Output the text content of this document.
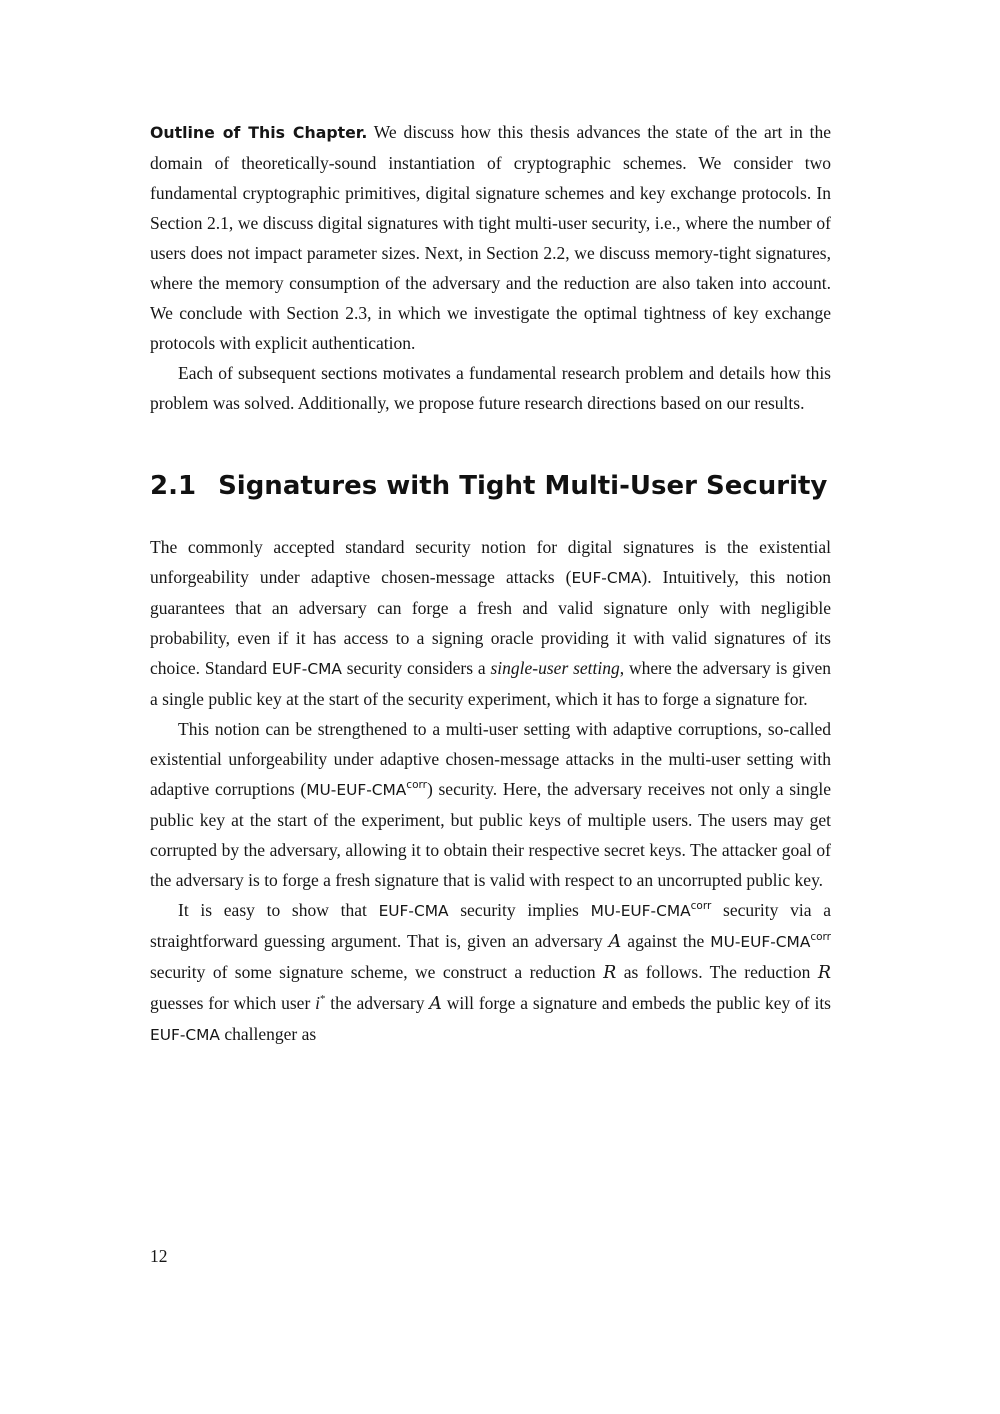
Outline of This Chapter. We discuss how this thesis advances the state of the art in the domain of theoretically-sound instantiation of cryptographic schemes. We consider two fundamental cryptographic primitives, digital signature schemes and key exchange protocols. In Section 2.1, we discuss digital signatures with tight multi-user security, i.e., where the number of users does not impact parameter sizes. Next, in Section 2.2, we discuss memory-tight signatures, where the memory consumption of the adversary and the reduction are also taken into account. We conclude with Section 2.3, in which we investigate the optimal tightness of key exchange protocols with explicit authentication.

Each of subsequent sections motivates a fundamental research problem and details how this problem was solved. Additionally, we propose future research directions based on our results.

2.1 Signatures with Tight Multi-User Security

The commonly accepted standard security notion for digital signatures is the existential unforgeability under adaptive chosen-message attacks (EUF-CMA). Intuitively, this notion guarantees that an adversary can forge a fresh and valid signature only with negligible probability, even if it has access to a signing oracle providing it with valid signatures of its choice. Standard EUF-CMA security considers a single-user setting, where the adversary is given a single public key at the start of the security experiment, which it has to forge a signature for.

This notion can be strengthened to a multi-user setting with adaptive corruptions, so-called existential unforgeability under adaptive chosen-message attacks in the multi-user setting with adaptive corruptions $(MU-EUF-CMA^{corr})$ security. Here, the adversary receives not only a single public key at the start of the experiment, but public keys of multiple users. The users may get corrupted by the adversary, allowing it to obtain their respective secret keys. The attacker goal of the adversary is to forge a fresh signature that is valid with respect to an uncorrupted public key.

It is easy to show that EUF-CMA security implies $MU-EUF-CMA^{corr}$ security via a straightforward guessing argument. That is, given an adversary A against the $MU-EUF-CMA^{corr}$ security of some signature scheme, we construct a reduction R as follows. The reduction R guesses for which user i* the adversary A will forge a signature and embeds the public key of its EUF-CMA challenger as

12
